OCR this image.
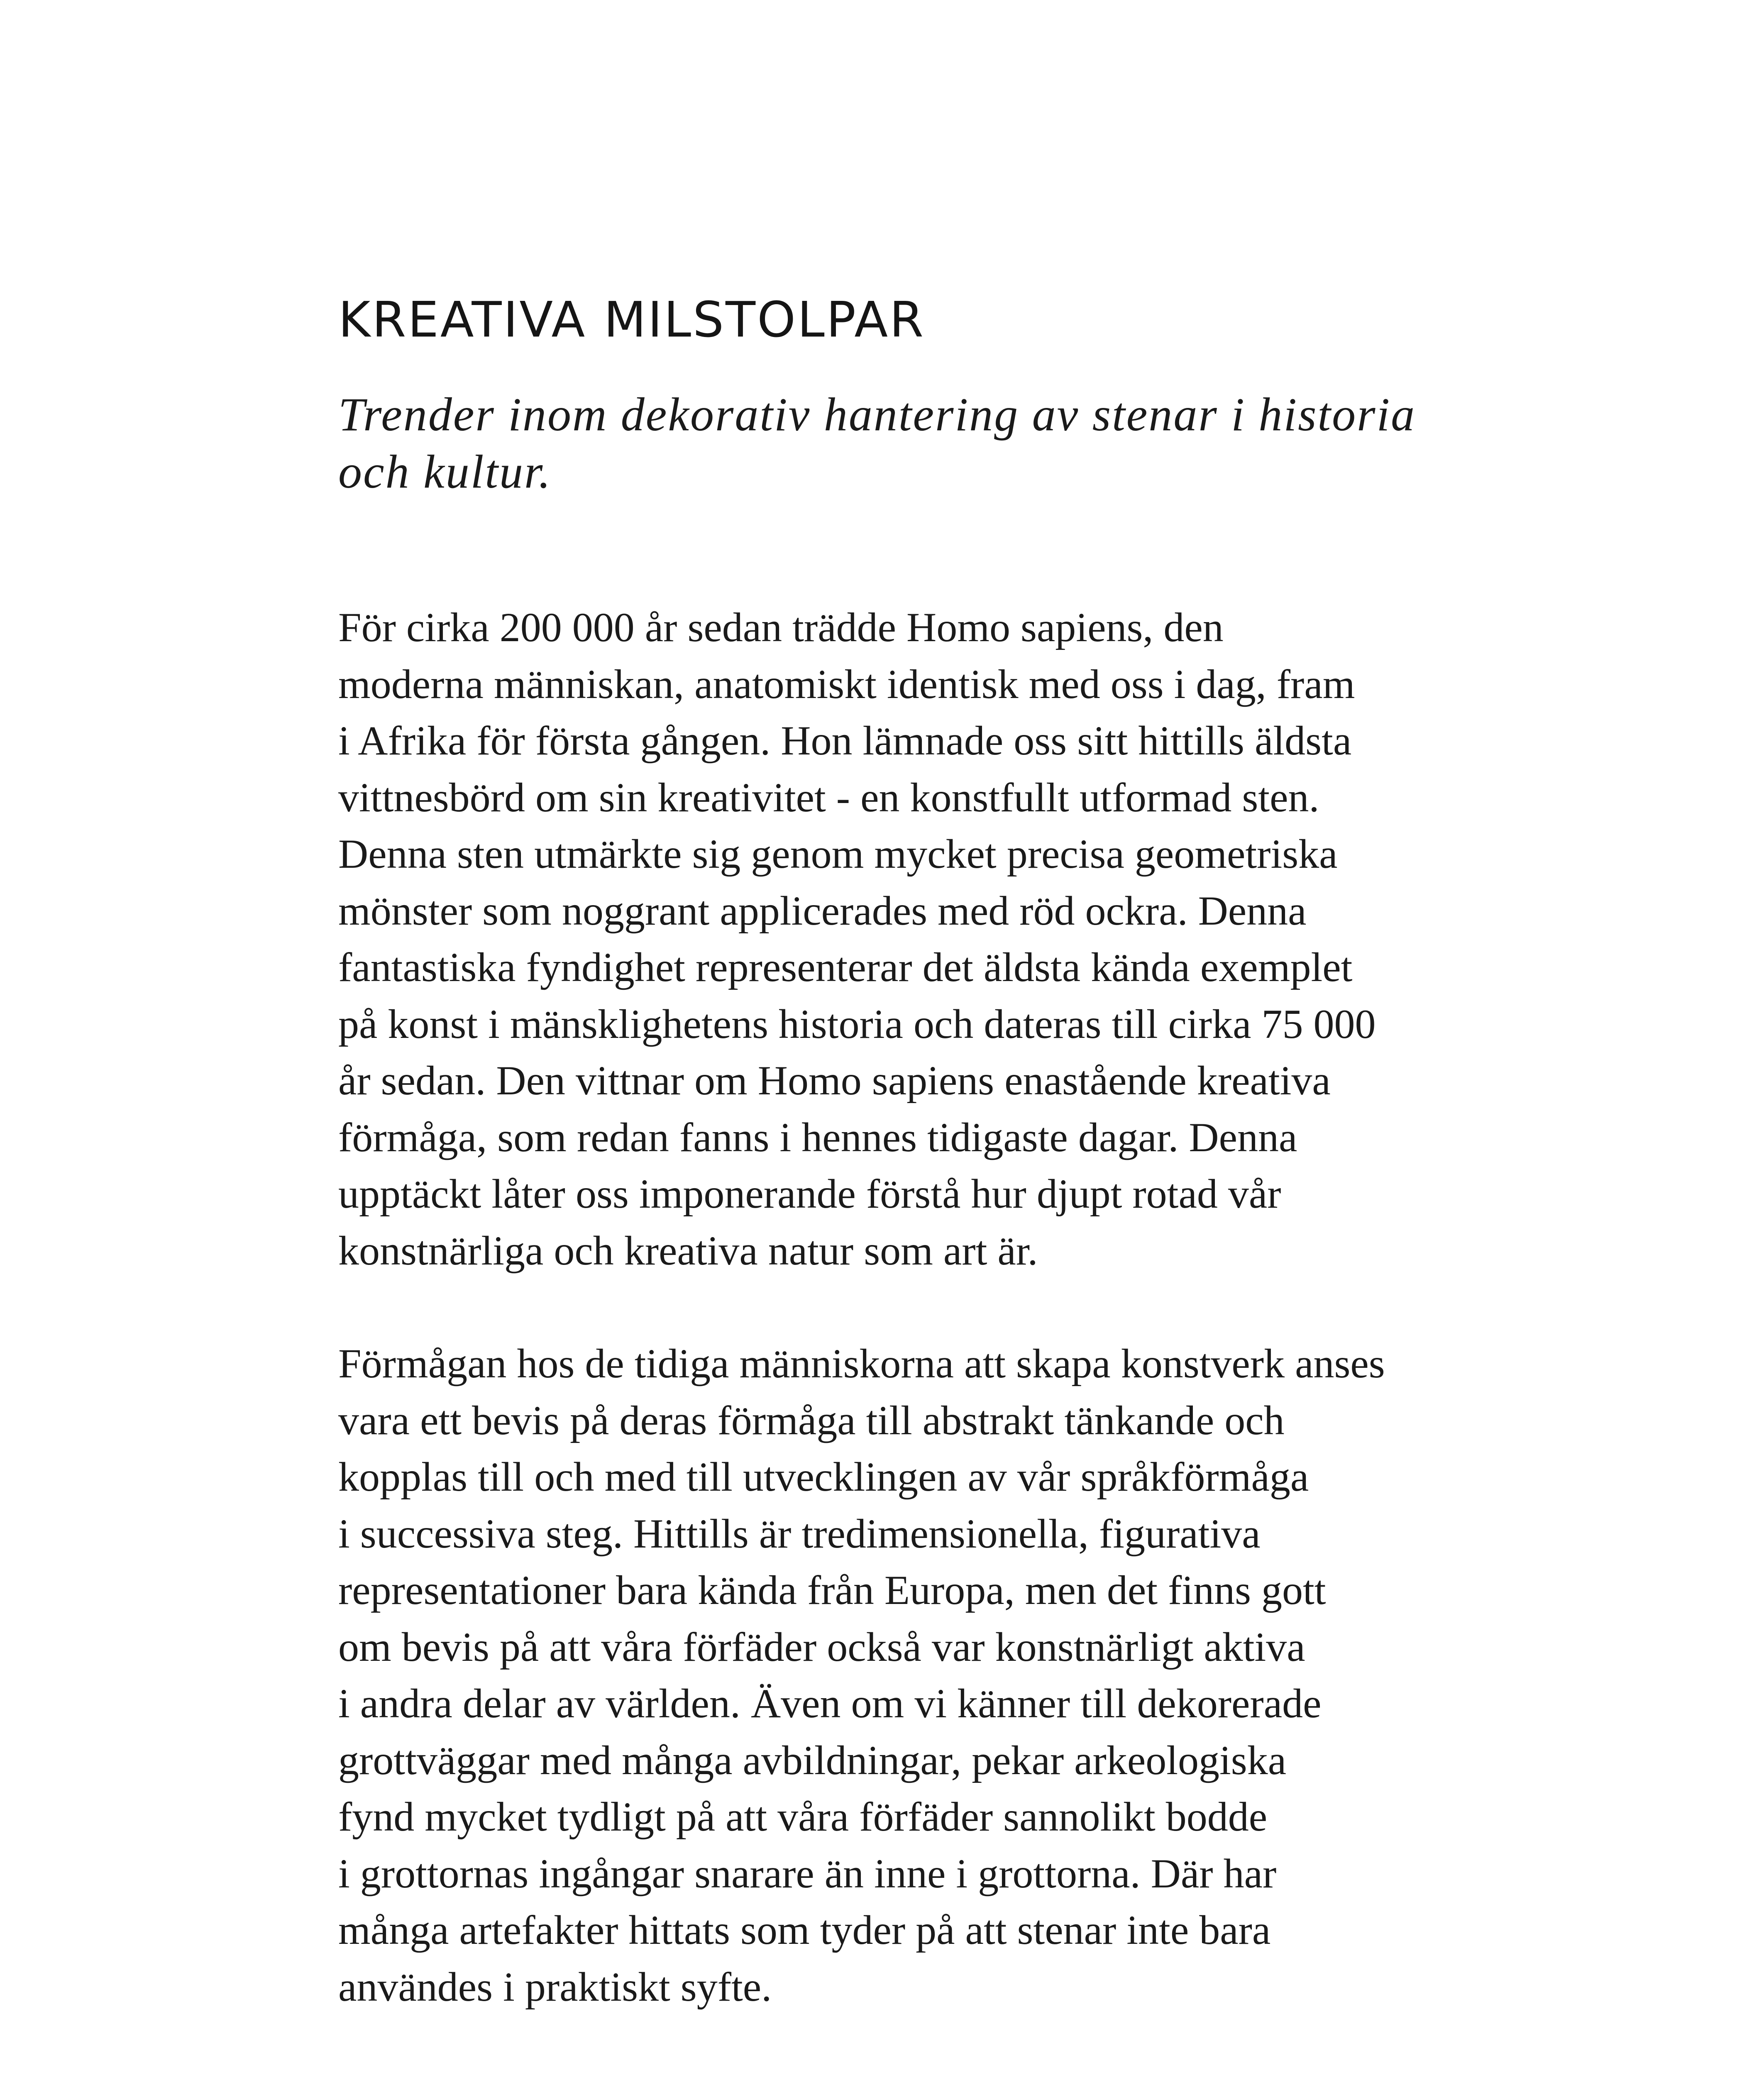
KREATIVA MILSTOLPAR

Trender inom dekorativ hantering av stenar i historia
och kultur.

För cirka 200 000 år sedan trädde Homo sapiens, den
moderna människan, anatomiskt identisk med oss i dag, fram
i Afrika för första gången. Hon lämnade oss sitt hittills äldsta
vittnesbörd om sin kreativitet - en konstfullt utformad sten.
Denna sten utmärkte sig genom mycket precisa geometriska
mönster som noggrant applicerades med röd ockra. Denna
fantastiska fyndighet representerar det äldsta kända exemplet
på konst i mänsklighetens historia och dateras till cirka 75 000
år sedan. Den vittnar om Homo sapiens enastående kreativa
förmåga, som redan fanns i hennes tidigaste dagar. Denna
upptäckt låter oss imponerande förstå hur djupt rotad vår
konstnärliga och kreativa natur som art är.

Förmågan hos de tidiga människorna att skapa konstverk anses
vara ett bevis på deras förmåga till abstrakt tänkande och
kopplas till och med till utvecklingen av vår språkförmåga
i successiva steg. Hittills är tredimensionella, figurativa
representationer bara kända från Europa, men det finns gott
om bevis på att våra förfäder också var konstnärligt aktiva
i andra delar av världen. Även om vi känner till dekorerade
grottväggar med många avbildningar, pekar arkeologiska
fynd mycket tydligt på att våra förfäder sannolikt bodde
i grottornas ingångar snarare än inne i grottorna. Där har
många artefakter hittats som tyder på att stenar inte bara
användes i praktiskt syfte.
